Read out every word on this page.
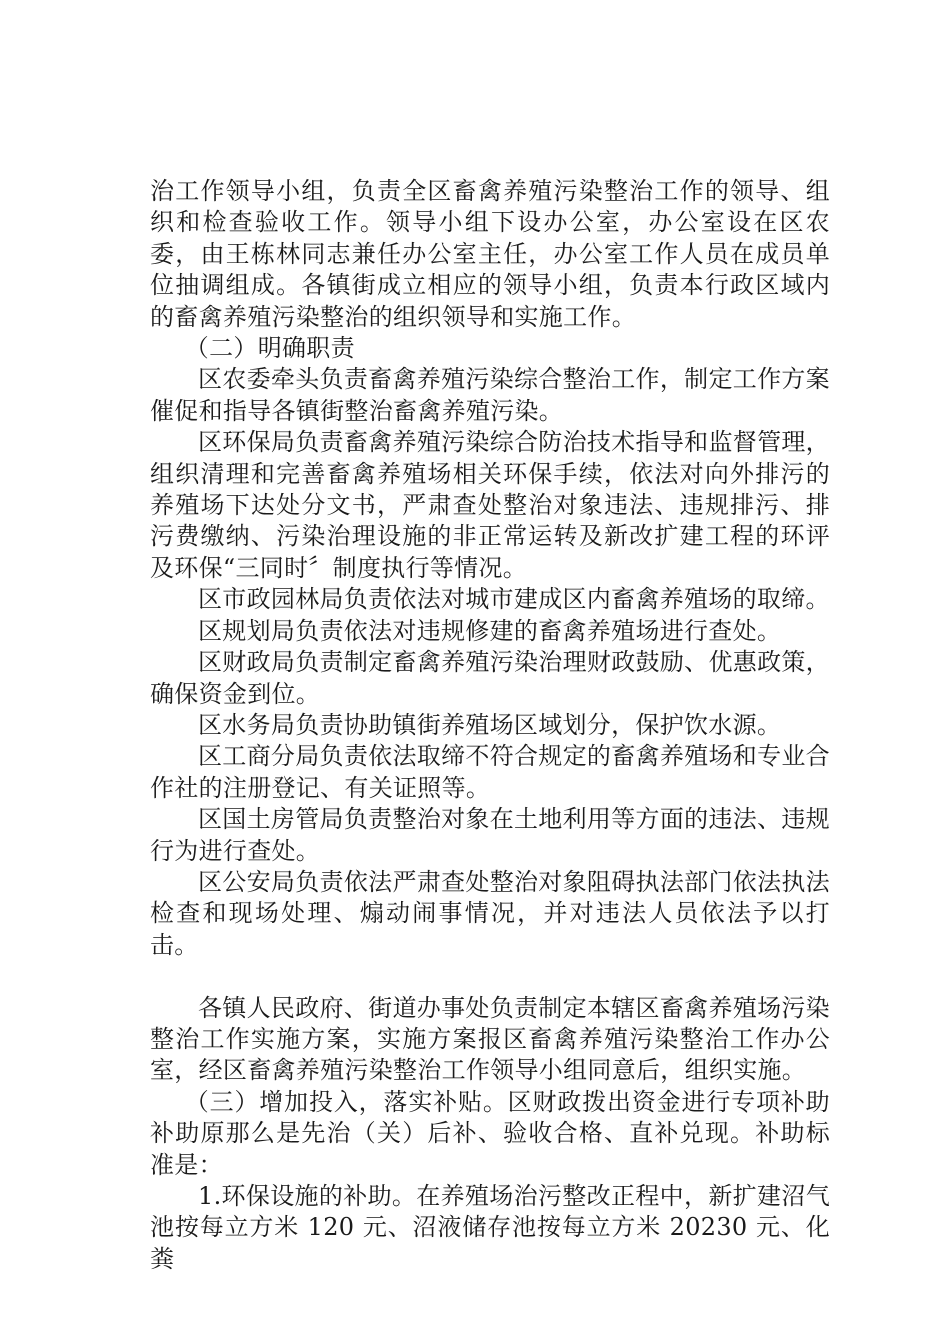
治工作领导小组，负责全区畜禽养殖污染整治工作的领导、组织和检查验收工作。领导小组下设办公室，办公室设在区农委，由王栋林同志兼任办公室主任，办公室工作人员在成员单位抽调组成。各镇街成立相应的领导小组，负责本行政区域内的畜禽养殖污染整治的组织领导和实施工作。

（二）明确职责

区农委牵头负责畜禽养殖污染综合整治工作，制定工作方案催促和指导各镇街整治畜禽养殖污染。

区环保局负责畜禽养殖污染综合防治技术指导和监督管理，组织清理和完善畜禽养殖场相关环保手续，依法对向外排污的养殖场下达处分文书，严肃查处整治对象违法、违规排污、排污费缴纳、污染治理设施的非正常运转及新改扩建工程的环评及环保“三同时〞制度执行等情况。

区市政园林局负责依法对城市建成区内畜禽养殖场的取缔。

区规划局负责依法对违规修建的畜禽养殖场进行查处。

区财政局负责制定畜禽养殖污染治理财政鼓励、优惠政策，确保资金到位。

区水务局负责协助镇街养殖场区域划分，保护饮水源。

区工商分局负责依法取缔不符合规定的畜禽养殖场和专业合作社的注册登记、有关证照等。

区国土房管局负责整治对象在土地利用等方面的违法、违规行为进行查处。

区公安局负责依法严肃查处整治对象阻碍执法部门依法执法检查和现场处理、煽动闹事情况，并对违法人员依法予以打击。

各镇人民政府、街道办事处负责制定本辖区畜禽养殖场污染整治工作实施方案，实施方案报区畜禽养殖污染整治工作办公室，经区畜禽养殖污染整治工作领导小组同意后，组织实施。

（三）增加投入，落实补贴。区财政拨出资金进行专项补助补助原那么是先治（关）后补、验收合格、直补兑现。补助标准是：

1.环保设施的补助。在养殖场治污整改正程中，新扩建沼气池按每立方米 120 元、沼液储存池按每立方米 20230 元、化粪
